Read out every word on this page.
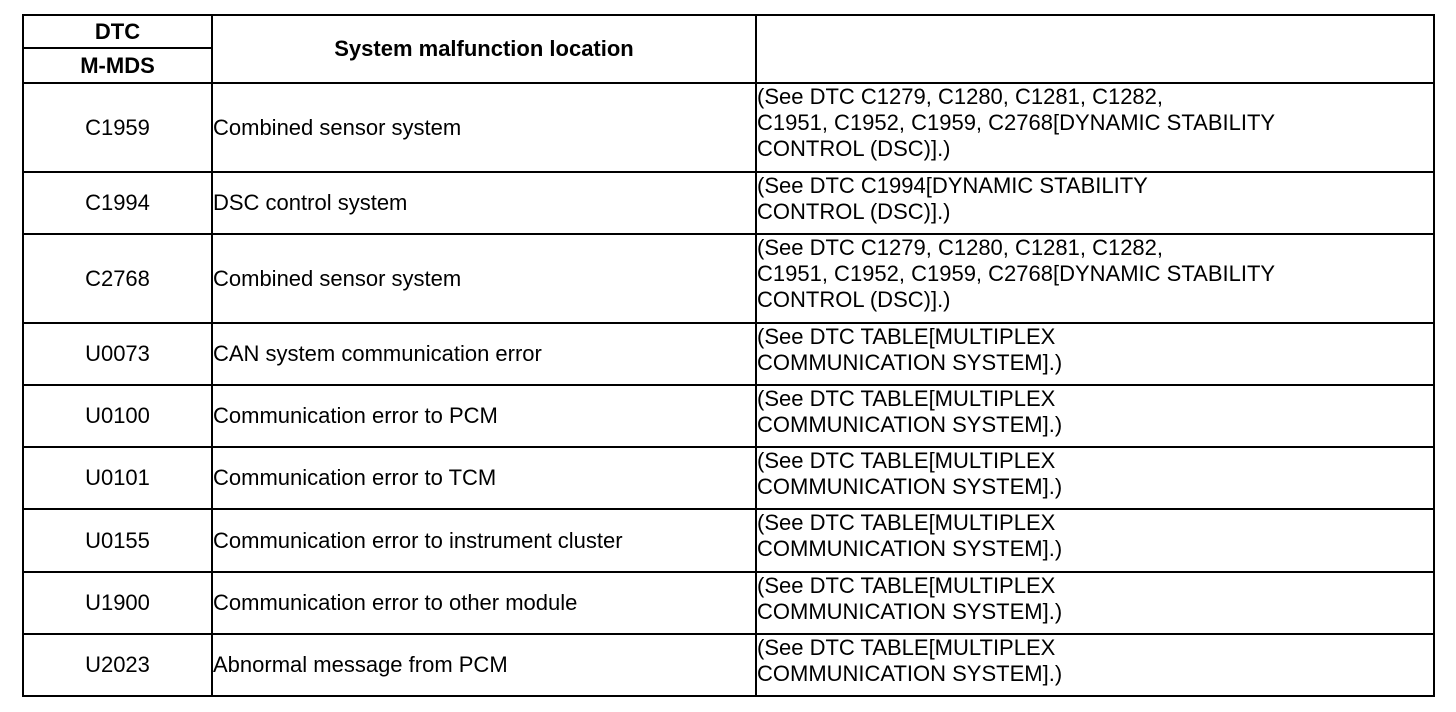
DTC	System malfunction location	
M-MDS		
C1959	Combined sensor system	(See DTC C1279, C1280, C1281, C1282,
C1951, C1952, C1959, C2768[DYNAMIC STABILITY
CONTROL (DSC)].)
C1994	DSC control system	(See DTC C1994[DYNAMIC STABILITY
CONTROL (DSC)].)
C2768	Combined sensor system	(See DTC C1279, C1280, C1281, C1282,
C1951, C1952, C1959, C2768[DYNAMIC STABILITY
CONTROL (DSC)].)
U0073	CAN system communication error	(See DTC TABLE[MULTIPLEX
COMMUNICATION SYSTEM].)
U0100	Communication error to PCM	(See DTC TABLE[MULTIPLEX
COMMUNICATION SYSTEM].)
U0101	Communication error to TCM	(See DTC TABLE[MULTIPLEX
COMMUNICATION SYSTEM].)
U0155	Communication error to instrument cluster	(See DTC TABLE[MULTIPLEX
COMMUNICATION SYSTEM].)
U1900	Communication error to other module	(See DTC TABLE[MULTIPLEX
COMMUNICATION SYSTEM].)
U2023	Abnormal message from PCM	(See DTC TABLE[MULTIPLEX
COMMUNICATION SYSTEM].)
